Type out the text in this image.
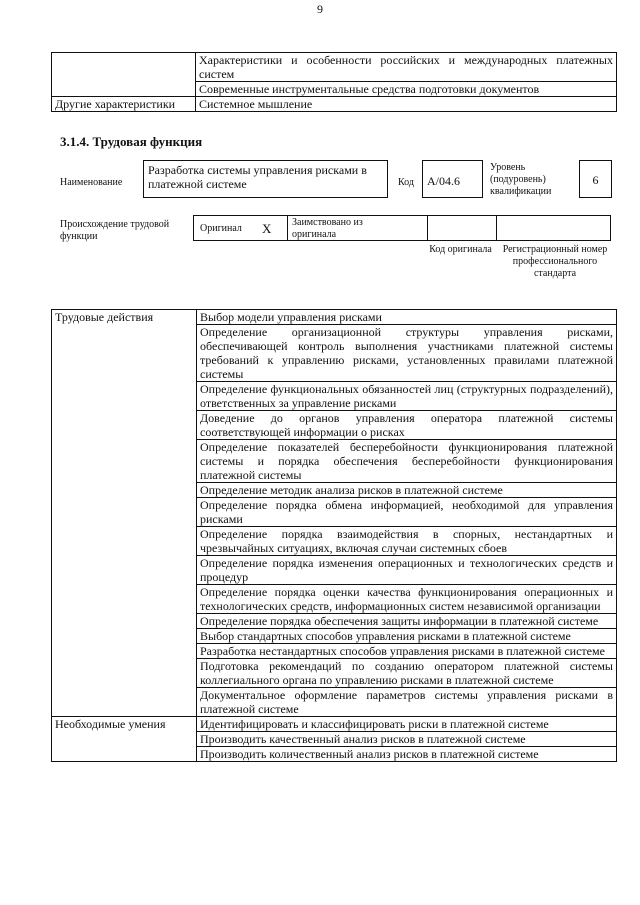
9
	Характеристики и особенности российских и международных платежных систем
	Современные инструментальные средства подготовки документов
Другие характеристики	Системное мышление
3.1.4. Трудовая функция
Наименование
Разработка системы управления рисками в платежной системе	Код	А/04.6
Уровень (подуровень) квалификации
6
Происхождение трудовой функции
Оригинал X Заимствовано из оригинала
Код оригинала Регистрационный номер профессионального стандарта
Трудовые действия	Выбор модели управления рисками
	Определение организационной структуры управления рисками, обеспечивающей контроль выполнения участниками платежной системы требований к управлению рисками, установленных правилами платежной системы
	Определение функциональных обязанностей лиц (структурных подразделений), ответственных за управление рисками
	Доведение до органов управления оператора платежной системы соответствующей информации о рисках
	Определение показателей бесперебойности функционирования платежной системы и порядка обеспечения бесперебойности функционирования платежной системы
	Определение методик анализа рисков в платежной системе
	Определение порядка обмена информацией, необходимой для управления рисками
	Определение порядка взаимодействия в спорных, нестандартных и чрезвычайных ситуациях, включая случаи системных сбоев
	Определение порядка изменения операционных и технологических средств и процедур
	Определение порядка оценки качества функционирования операционных и технологических средств, информационных систем независимой организации
	Определение порядка обеспечения защиты информации в платежной системе
	Выбор стандартных способов управления рисками в платежной системе
	Разработка нестандартных способов управления рисками в платежной системе
	Подготовка рекомендаций по созданию оператором платежной системы коллегиального органа по управлению рисками в платежной системе
	Документальное оформление параметров системы управления рисками в платежной системе
Необходимые умения	Идентифицировать и классифицировать риски в платежной системе
	Производить качественный анализ рисков в платежной системе
	Производить количественный анализ рисков в платежной системе
